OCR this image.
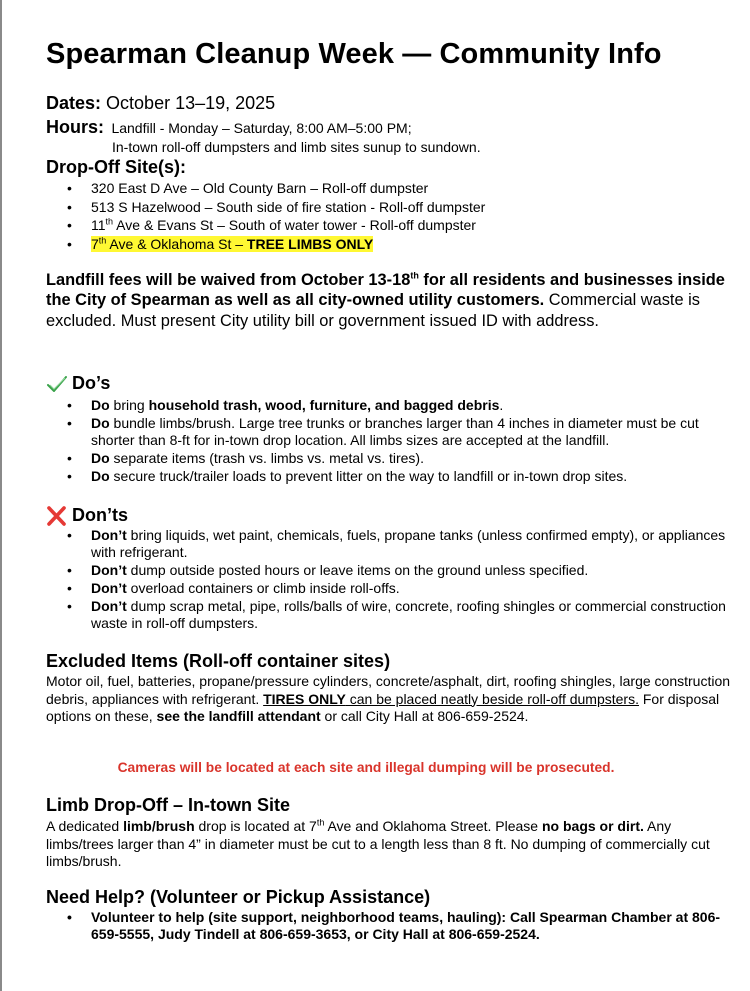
Spearman Cleanup Week — Community Info
Dates: October 13–19, 2025
Hours: Landfill - Monday – Saturday, 8:00 AM–5:00 PM;
In-town roll-off dumpsters and limb sites sunup to sundown.
Drop-Off Site(s):
• 320 East D Ave – Old County Barn – Roll-off dumpster
• 513 S Hazelwood – South side of fire station - Roll-off dumpster
• 11th Ave & Evans St – South of water tower - Roll-off dumpster
• 7th Ave & Oklahoma St – TREE LIMBS ONLY
Landfill fees will be waived from October 13-18th for all residents and businesses inside the City of Spearman as well as all city-owned utility customers. Commercial waste is excluded. Must present City utility bill or government issued ID with address.
Do’s
• Do bring household trash, wood, furniture, and bagged debris.
• Do bundle limbs/brush. Large tree trunks or branches larger than 4 inches in diameter must be cut shorter than 8-ft for in-town drop location. All limbs sizes are accepted at the landfill.
• Do separate items (trash vs. limbs vs. metal vs. tires).
• Do secure truck/trailer loads to prevent litter on the way to landfill or in-town drop sites.
Don’ts
• Don’t bring liquids, wet paint, chemicals, fuels, propane tanks (unless confirmed empty), or appliances with refrigerant.
• Don’t dump outside posted hours or leave items on the ground unless specified.
• Don’t overload containers or climb inside roll-offs.
• Don’t dump scrap metal, pipe, rolls/balls of wire, concrete, roofing shingles or commercial construction waste in roll-off dumpsters.
Excluded Items (Roll-off container sites)
Motor oil, fuel, batteries, propane/pressure cylinders, concrete/asphalt, dirt, roofing shingles, large construction debris, appliances with refrigerant. TIRES ONLY can be placed neatly beside roll-off dumpsters. For disposal options on these, see the landfill attendant or call City Hall at 806-659-2524.
Cameras will be located at each site and illegal dumping will be prosecuted.
Limb Drop-Off – In-town Site
A dedicated limb/brush drop is located at 7th Ave and Oklahoma Street. Please no bags or dirt. Any limbs/trees larger than 4” in diameter must be cut to a length less than 8 ft. No dumping of commercially cut limbs/brush.
Need Help? (Volunteer or Pickup Assistance)
• Volunteer to help (site support, neighborhood teams, hauling): Call Spearman Chamber at 806-659-5555, Judy Tindell at 806-659-3653, or City Hall at 806-659-2524.
